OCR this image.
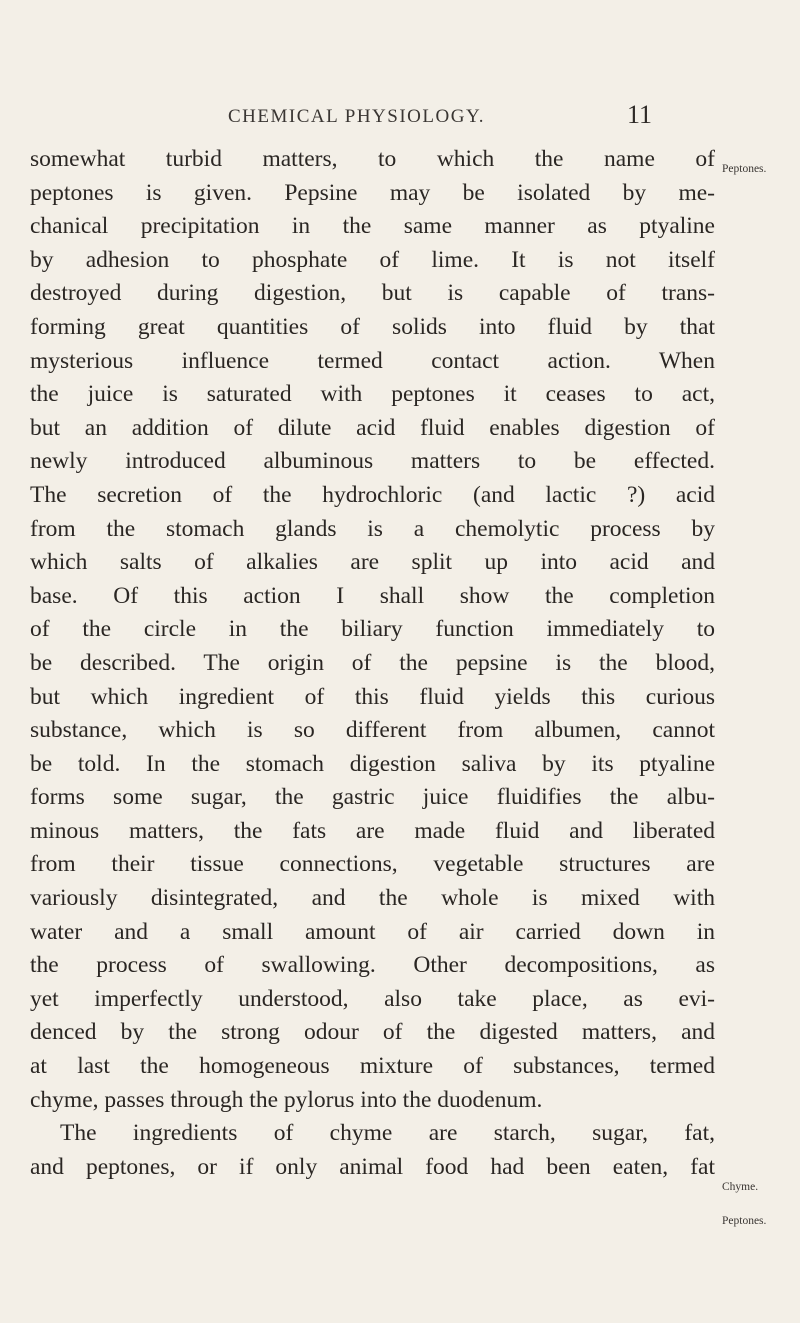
CHEMICAL PHYSIOLOGY.	11
somewhat turbid matters, to which the name of
peptones is given. Pepsine may be isolated by me-
chanical precipitation in the same manner as ptyaline
by adhesion to phosphate of lime. It is not itself
destroyed during digestion, but is capable of trans-
forming great quantities of solids into fluid by that
mysterious influence termed contact action. When
the juice is saturated with peptones it ceases to act,
but an addition of dilute acid fluid enables digestion of
newly introduced albuminous matters to be effected.
The secretion of the hydrochloric (and lactic ?) acid
from the stomach glands is a chemolytic process by
which salts of alkalies are split up into acid and
base. Of this action I shall show the completion
of the circle in the biliary function immediately to
be described. The origin of the pepsine is the blood,
but which ingredient of this fluid yields this curious
substance, which is so different from albumen, cannot
be told. In the stomach digestion saliva by its ptyaline
forms some sugar, the gastric juice fluidifies the albu-
minous matters, the fats are made fluid and liberated
from their tissue connections, vegetable structures are
variously disintegrated, and the whole is mixed with
water and a small amount of air carried down in
the process of swallowing. Other decompositions, as
yet imperfectly understood, also take place, as evi-
denced by the strong odour of the digested matters, and
at last the homogeneous mixture of substances, termed
chyme, passes through the pylorus into the duodenum.
The ingredients of chyme are starch, sugar, fat,
and peptones, or if only animal food had been eaten, fat
Peptones.
Chyme.
Peptones.
